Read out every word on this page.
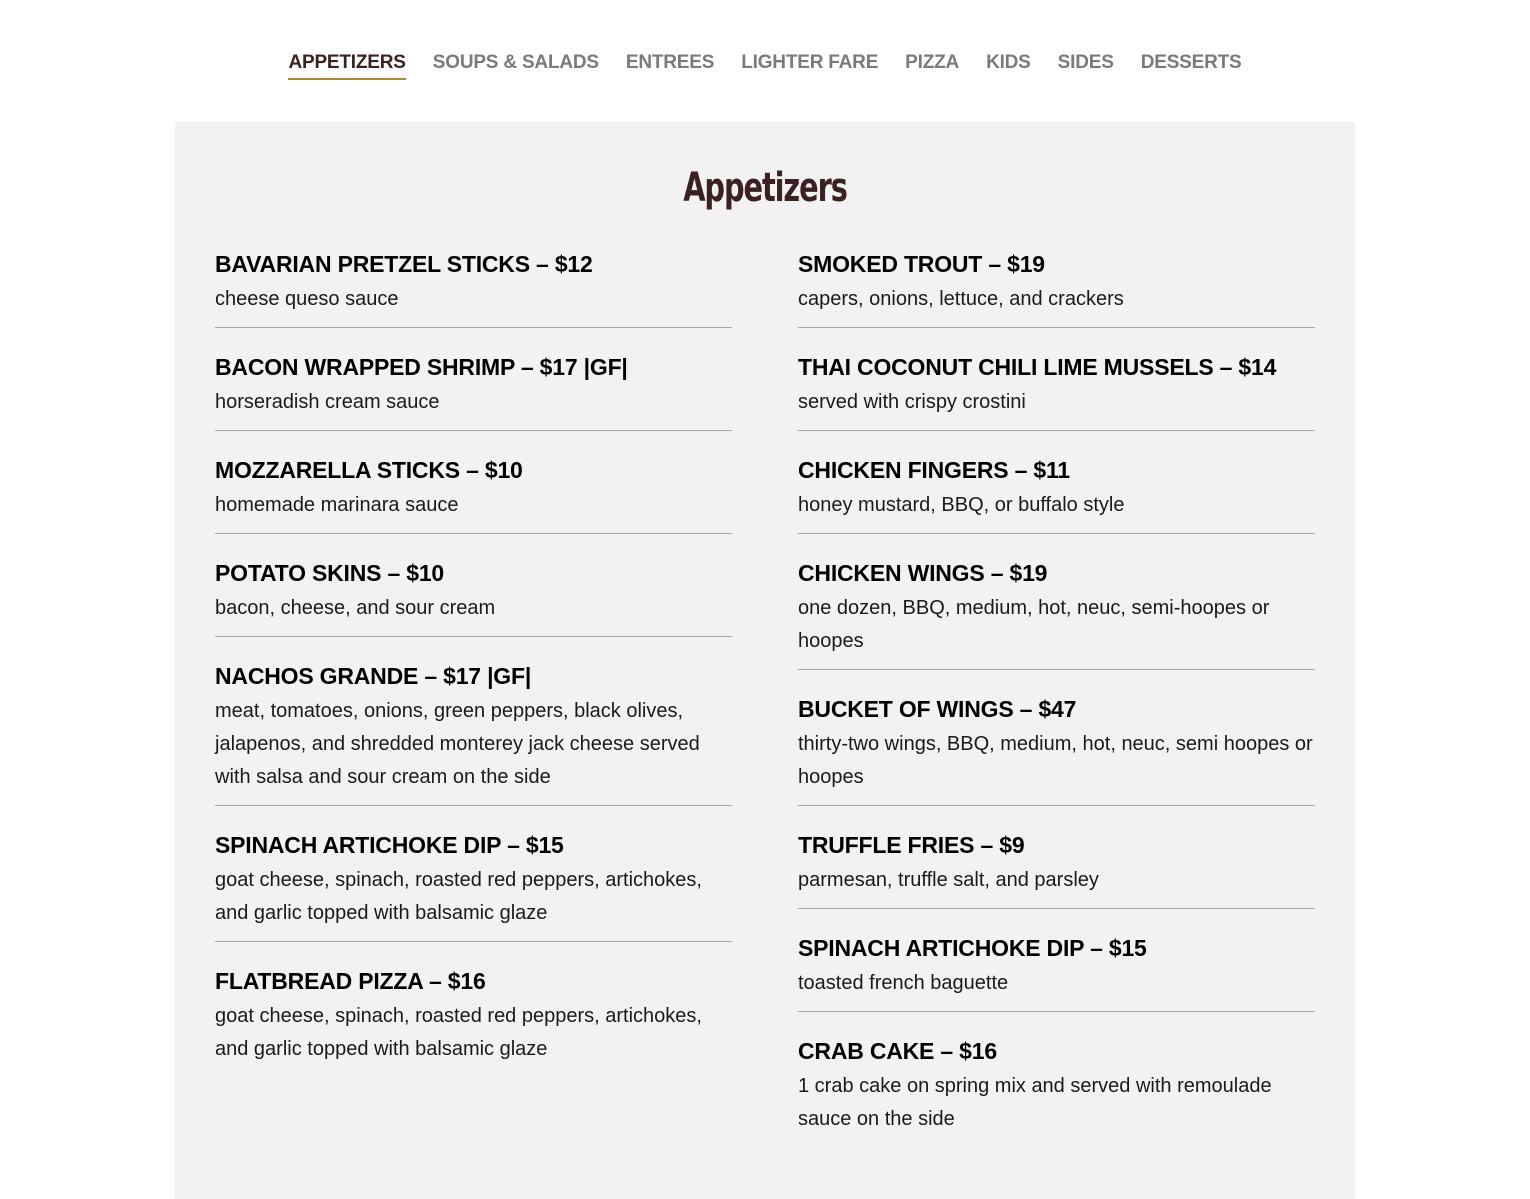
APPETIZERS SOUPS & SALADS ENTREES LIGHTER FARE PIZZA KIDS SIDES DESSERTS
Appetizers
BAVARIAN PRETZEL STICKS – $12
cheese queso sauce
BACON WRAPPED SHRIMP – $17 |GF|
horseradish cream sauce
MOZZARELLA STICKS – $10
homemade marinara sauce
POTATO SKINS – $10
bacon, cheese, and sour cream
NACHOS GRANDE – $17 |GF|
meat, tomatoes, onions, green peppers, black olives, jalapenos, and shredded monterey jack cheese served with salsa and sour cream on the side
SPINACH ARTICHOKE DIP – $15
goat cheese, spinach, roasted red peppers, artichokes, and garlic topped with balsamic glaze
FLATBREAD PIZZA – $16
goat cheese, spinach, roasted red peppers, artichokes, and garlic topped with balsamic glaze
SMOKED TROUT – $19
capers, onions, lettuce, and crackers
THAI COCONUT CHILI LIME MUSSELS – $14
served with crispy crostini
CHICKEN FINGERS – $11
honey mustard, BBQ, or buffalo style
CHICKEN WINGS – $19
one dozen, BBQ, medium, hot, neuc, semi-hoopes or hoopes
BUCKET OF WINGS – $47
thirty-two wings, BBQ, medium, hot, neuc, semi hoopes or hoopes
TRUFFLE FRIES – $9
parmesan, truffle salt, and parsley
SPINACH ARTICHOKE DIP – $15
toasted french baguette
CRAB CAKE – $16
1 crab cake on spring mix and served with remoulade sauce on the side
